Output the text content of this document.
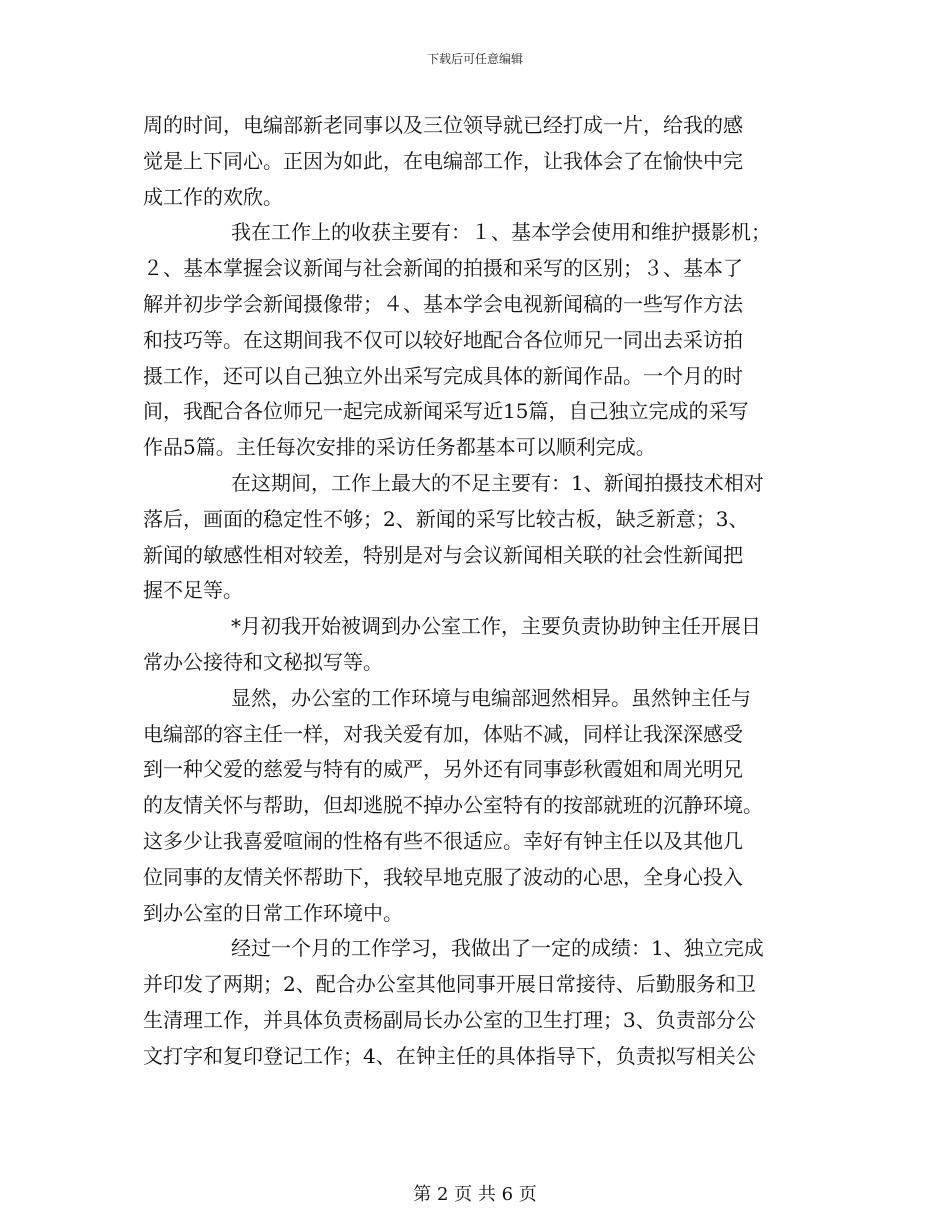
下载后可任意编辑
周的时间，电编部新老同事以及三位领导就已经打成一片，给我的感
觉是上下同心。正因为如此，在电编部工作，让我体会了在愉快中完
成工作的欢欣。
我在工作上的收获主要有：１、基本学会使用和维护摄影机；
２、基本掌握会议新闻与社会新闻的拍摄和采写的区别；３、基本了
解并初步学会新闻摄像带；４、基本学会电视新闻稿的一些写作方法
和技巧等。在这期间我不仅可以较好地配合各位师兄一同出去采访拍
摄工作，还可以自己独立外出采写完成具体的新闻作品。一个月的时
间，我配合各位师兄一起完成新闻采写近15篇，自己独立完成的采写
作品5篇。主任每次安排的采访任务都基本可以顺利完成。
在这期间，工作上最大的不足主要有：1、新闻拍摄技术相对
落后，画面的稳定性不够；2、新闻的采写比较古板，缺乏新意；3、
新闻的敏感性相对较差，特别是对与会议新闻相关联的社会性新闻把
握不足等。
*月初我开始被调到办公室工作，主要负责协助钟主任开展日
常办公接待和文秘拟写等。
显然，办公室的工作环境与电编部迥然相异。虽然钟主任与
电编部的容主任一样，对我关爱有加，体贴不减，同样让我深深感受
到一种父爱的慈爱与特有的威严，另外还有同事彭秋霞姐和周光明兄
的友情关怀与帮助，但却逃脱不掉办公室特有的按部就班的沉静环境。
这多少让我喜爱喧闹的性格有些不很适应。幸好有钟主任以及其他几
位同事的友情关怀帮助下，我较早地克服了波动的心思，全身心投入
到办公室的日常工作环境中。
经过一个月的工作学习，我做出了一定的成绩：1、独立完成
并印发了两期；2、配合办公室其他同事开展日常接待、后勤服务和卫
生清理工作，并具体负责杨副局长办公室的卫生打理；3、负责部分公
文打字和复印登记工作；4、在钟主任的具体指导下，负责拟写相关公
第 2 页 共 6 页
